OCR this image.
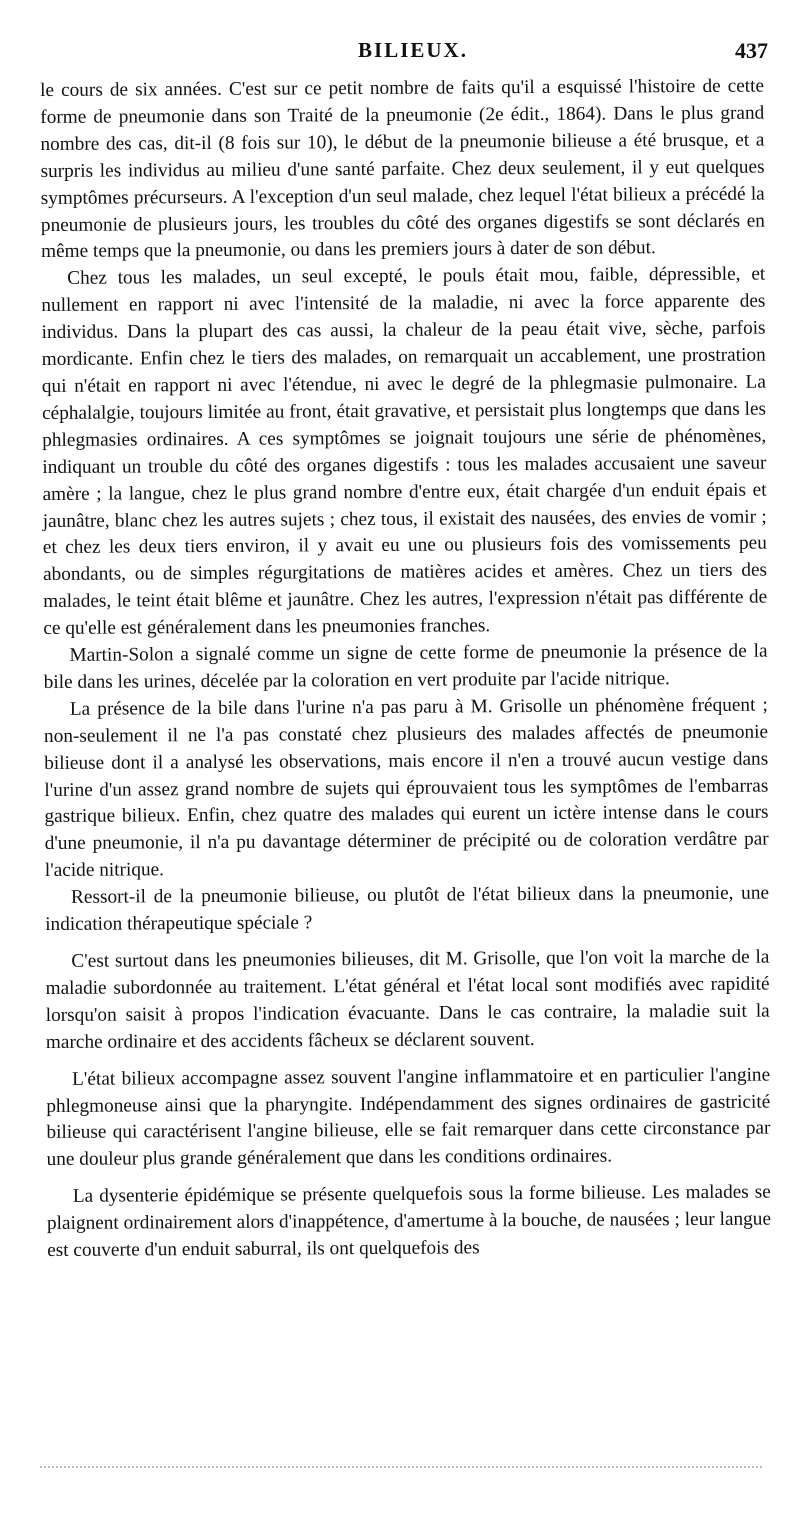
BILIEUX.	437

le cours de six années. C'est sur ce petit nombre de faits qu'il a esquissé l'histoire de cette forme de pneumonie dans son Traité de la pneumonie (2e édit., 1864). Dans le plus grand nombre des cas, dit-il (8 fois sur 10), le début de la pneumonie bilieuse a été brusque, et a surpris les individus au milieu d'une santé parfaite. Chez deux seulement, il y eut quelques symptômes précurseurs. A l'exception d'un seul malade, chez lequel l'état bilieux a précédé la pneumonie de plusieurs jours, les troubles du côté des organes digestifs se sont déclarés en même temps que la pneumonie, ou dans les premiers jours à dater de son début.

Chez tous les malades, un seul excepté, le pouls était mou, faible, dépressible, et nullement en rapport ni avec l'intensité de la maladie, ni avec la force apparente des individus. Dans la plupart des cas aussi, la chaleur de la peau était vive, sèche, parfois mordicante. Enfin chez le tiers des malades, on remarquait un accablement, une prostration qui n'était en rapport ni avec l'étendue, ni avec le degré de la phlegmasie pulmonaire. La céphalalgie, toujours limitée au front, était gravative, et persistait plus longtemps que dans les phlegmasies ordinaires. A ces symptômes se joignait toujours une série de phénomènes, indiquant un trouble du côté des organes digestifs : tous les malades accusaient une saveur amère ; la langue, chez le plus grand nombre d'entre eux, était chargée d'un enduit épais et jaunâtre, blanc chez les autres sujets ; chez tous, il existait des nausées, des envies de vomir ; et chez les deux tiers environ, il y avait eu une ou plusieurs fois des vomissements peu abondants, ou de simples régurgitations de matières acides et amères. Chez un tiers des malades, le teint était blême et jaunâtre. Chez les autres, l'expression n'était pas différente de ce qu'elle est généralement dans les pneumonies franches.

Martin-Solon a signalé comme un signe de cette forme de pneumonie la présence de la bile dans les urines, décelée par la coloration en vert produite par l'acide nitrique.

La présence de la bile dans l'urine n'a pas paru à M. Grisolle un phénomène fréquent ; non-seulement il ne l'a pas constaté chez plusieurs des malades affectés de pneumonie bilieuse dont il a analysé les observations, mais encore il n'en a trouvé aucun vestige dans l'urine d'un assez grand nombre de sujets qui éprouvaient tous les symptômes de l'embarras gastrique bilieux. Enfin, chez quatre des malades qui eurent un ictère intense dans le cours d'une pneumonie, il n'a pu davantage déterminer de précipité ou de coloration verdâtre par l'acide nitrique.

Ressort-il de la pneumonie bilieuse, ou plutôt de l'état bilieux dans la pneumonie, une indication thérapeutique spéciale ?

C'est surtout dans les pneumonies bilieuses, dit M. Grisolle, que l'on voit la marche de la maladie subordonnée au traitement. L'état général et l'état local sont modifiés avec rapidité lorsqu'on saisit à propos l'indication évacuante. Dans le cas contraire, la maladie suit la marche ordinaire et des accidents fâcheux se déclarent souvent.

L'état bilieux accompagne assez souvent l'angine inflammatoire et en particulier l'angine phlegmoneuse ainsi que la pharyngite. Indépendamment des signes ordinaires de gastricité bilieuse qui caractérisent l'angine bilieuse, elle se fait remarquer dans cette circonstance par une douleur plus grande généralement que dans les conditions ordinaires.

La dysenterie épidémique se présente quelquefois sous la forme bilieuse. Les malades se plaignent ordinairement alors d'inappétence, d'amertume à la bouche, de nausées ; leur langue est couverte d'un enduit saburral, ils ont quelquefois des
